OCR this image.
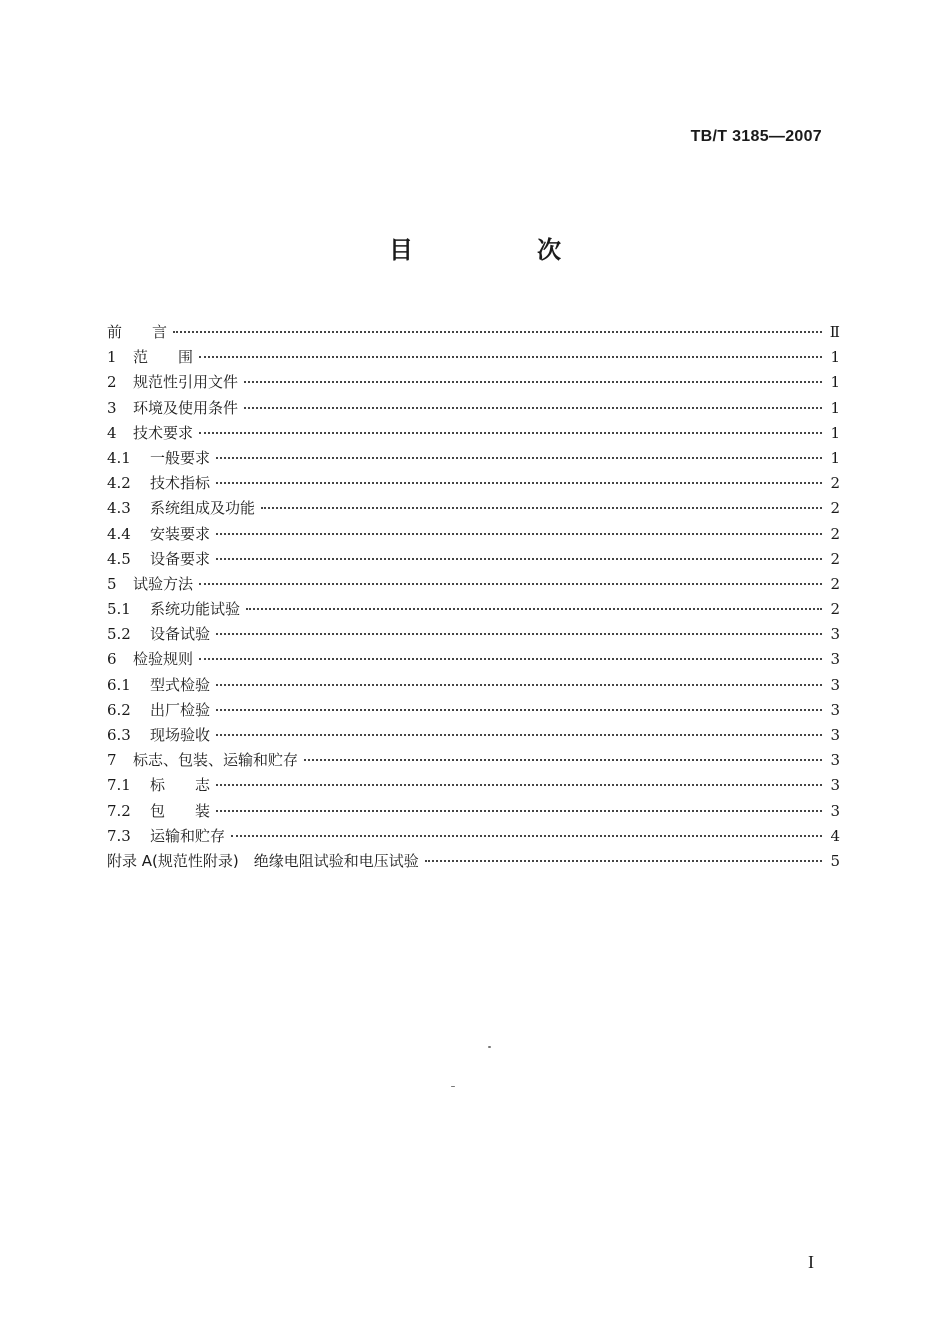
TB/T 3185—2007
目　次
前　　言	Ⅱ
1	范　　围	1
2	规范性引用文件	1
3	环境及使用条件	1
4	技术要求	1
4.1	一般要求	1
4.2	技术指标	2
4.3	系统组成及功能	2
4.4	安装要求	2
4.5	设备要求	2
5	试验方法	2
5.1	系统功能试验	2
5.2	设备试验	3
6	检验规则	3
6.1	型式检验	3
6.2	出厂检验	3
6.3	现场验收	3
7	标志、包装、运输和贮存	3
7.1	标　　志	3
7.2	包　　装	3
7.3	运输和贮存	4
附录 A(规范性附录)　绝缘电阻试验和电压试验	5
I
